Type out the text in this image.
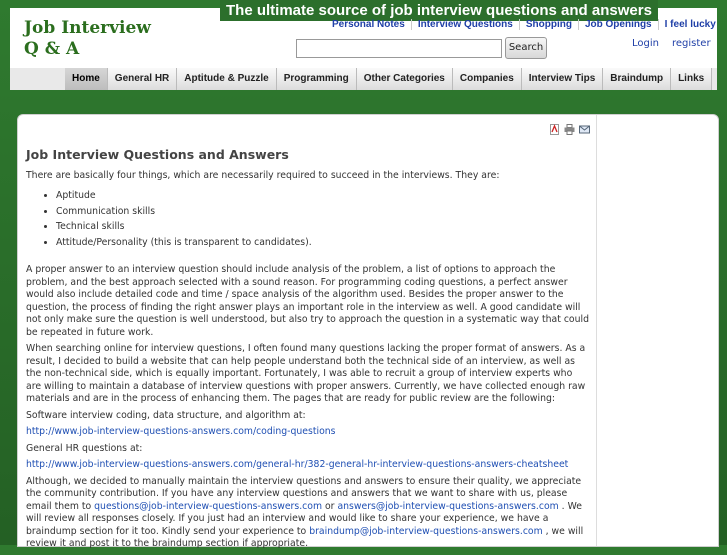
Job Interview
Q & A
The ultimate source of job interview questions and answers
Personal Notes Interview Questions Shopping Job Openings I feel lucky
Search	Login register
Home	General HR	Aptitude & Puzzle	Programming	Other Categories	Companies	Interview Tips	Braindump	Links
Job Interview Questions and Answers
There are basically four things, which are necessarily required to succeed in the interviews. They are:
• Aptitude
• Communication skills
• Technical skills
• Attitude/Personality (this is transparent to candidates).

A proper answer to an interview question should include analysis of the problem, a list of options to approach the problem, and the best approach selected with a sound reason. For programming coding questions, a perfect answer would also include detailed code and time / space analysis of the algorithm used. Besides the proper answer to the question, the process of finding the right answer plays an important role in the interview as well. A good candidate will not only make sure the question is well understood, but also try to approach the question in a systematic way that could be repeated in future work.

When searching online for interview questions, I often found many questions lacking the proper format of answers. As a result, I decided to build a website that can help people understand both the technical side of an interview, as well as the non-technical side, which is equally important. Fortunately, I was able to recruit a group of interview experts who are willing to maintain a database of interview questions with proper answers. Currently, we have collected enough raw materials and are in the process of enhancing them. The pages that are ready for public review are the following:

Software interview coding, data structure, and algorithm at:

http://www.job-interview-questions-answers.com/coding-questions

General HR questions at:

http://www.job-interview-questions-answers.com/general-hr/382-general-hr-interview-questions-answers-cheatsheet

Although, we decided to manually maintain the interview questions and answers to ensure their quality, we appreciate the community contribution. If you have any interview questions and answers that we want to share with us, please email them to questions@job-interview-questions-answers.com or answers@job-interview-questions-answers.com . We will review all responses closely. If you just had an interview and would like to share your experience, we have a braindump section for it too. Kindly send your experience to braindump@job-interview-questions-answers.com , we will review it and post it to the braindump section if appropriate.
